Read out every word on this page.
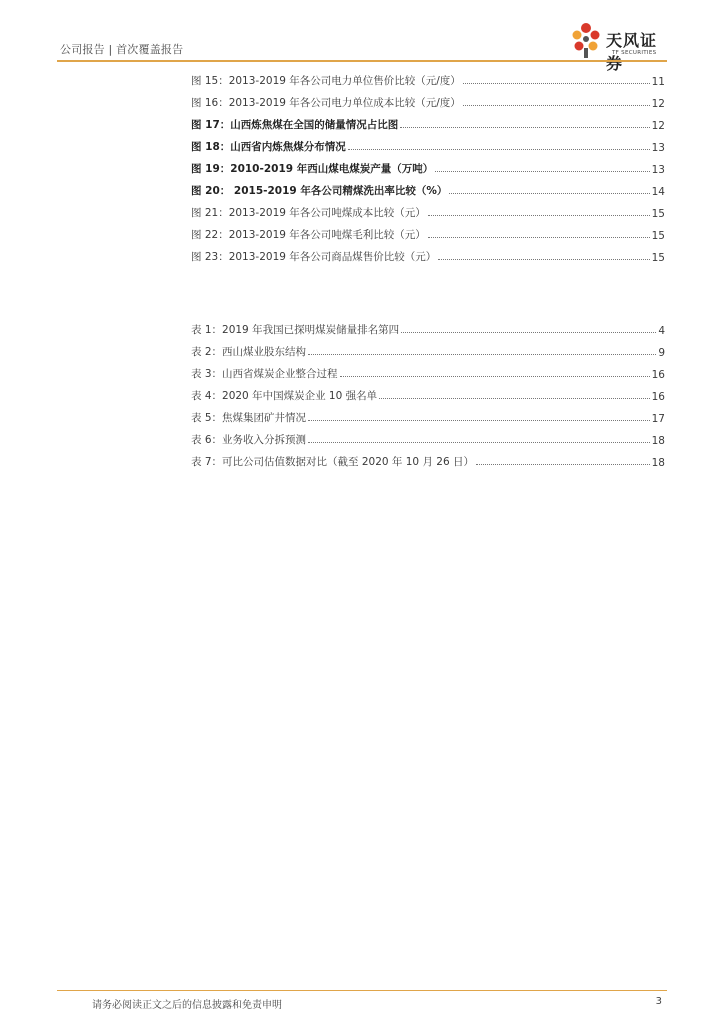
公司报告 | 首次覆盖报告	天风证券
TF SECURITIES
图 15：2013-2019 年各公司电力单位售价比较（元/度）	11
图 16：2013-2019 年各公司电力单位成本比较（元/度）	12
图 17：山西炼焦煤在全国的储量情况占比图	12
图 18：山西省内炼焦煤分布情况	13
图 19：2010-2019 年西山煤电煤炭产量（万吨）	13
图 20： 2015-2019 年各公司精煤洗出率比较（%）	14
图 21：2013-2019 年各公司吨煤成本比较（元）	15
图 22：2013-2019 年各公司吨煤毛利比较（元）	15
图 23：2013-2019 年各公司商品煤售价比较（元）	15
表 1：2019 年我国已探明煤炭储量排名第四	4
表 2：西山煤业股东结构	9
表 3：山西省煤炭企业整合过程	16
表 4：2020 年中国煤炭企业 10 强名单	16
表 5：焦煤集团矿井情况	17
表 6：业务收入分拆预测	18
表 7：可比公司估值数据对比（截至 2020 年 10 月 26 日）	18
请务必阅读正文之后的信息披露和免责申明	3
